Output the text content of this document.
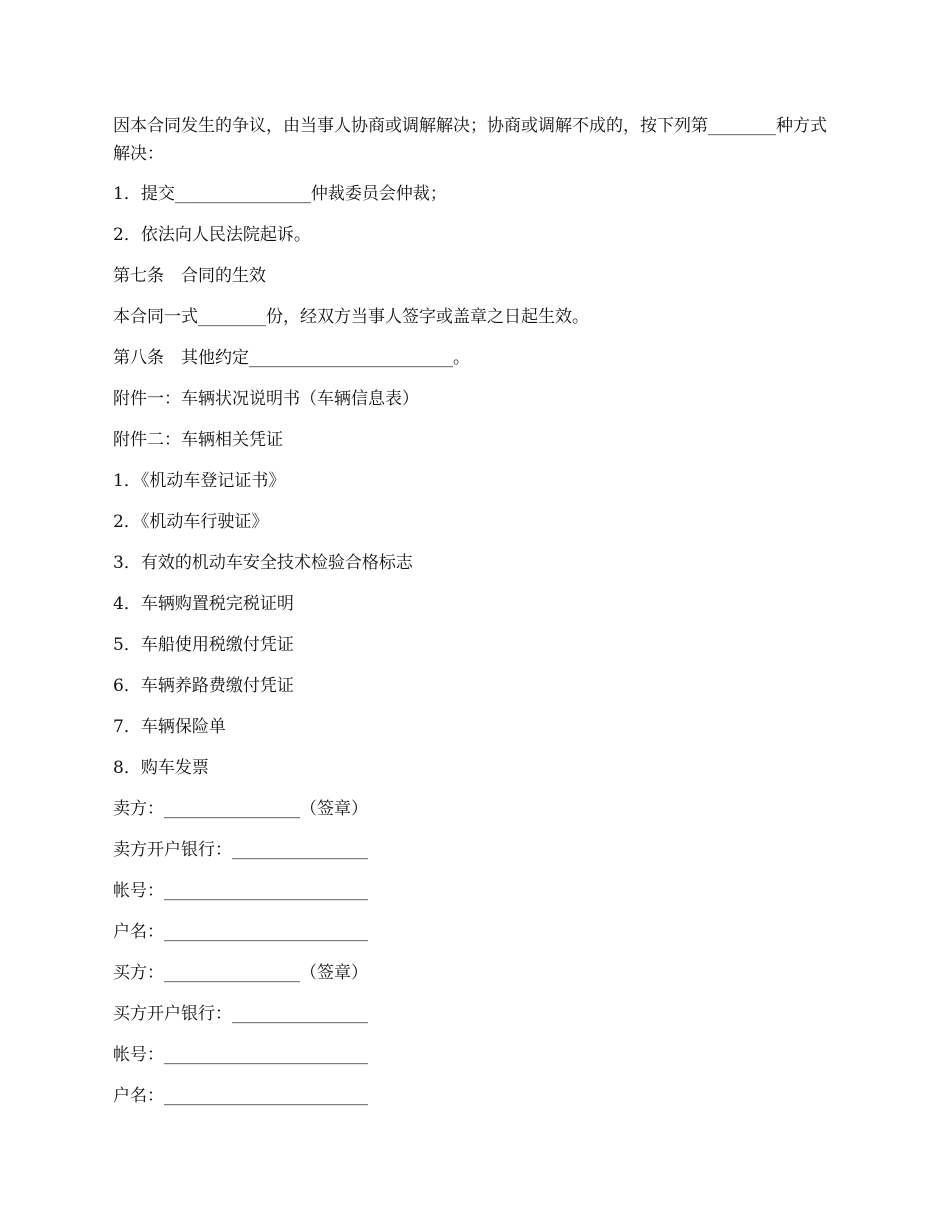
因本合同发生的争议，由当事人协商或调解解决；协商或调解不成的，按下列第________种方式解决：

1．提交________________仲裁委员会仲裁；

2．依法向人民法院起诉。

第七条　合同的生效

本合同一式________份，经双方当事人签字或盖章之日起生效。

第八条　其他约定________________________。

附件一：车辆状况说明书（车辆信息表）

附件二：车辆相关凭证

1．《机动车登记证书》

2．《机动车行驶证》

3．有效的机动车安全技术检验合格标志

4．车辆购置税完税证明

5．车船使用税缴付凭证

6．车辆养路费缴付凭证

7．车辆保险单

8．购车发票

卖方：________________（签章）

卖方开户银行：________________

帐号：________________________

户名：________________________

买方：________________（签章）

买方开户银行：________________

帐号：________________________

户名：________________________
